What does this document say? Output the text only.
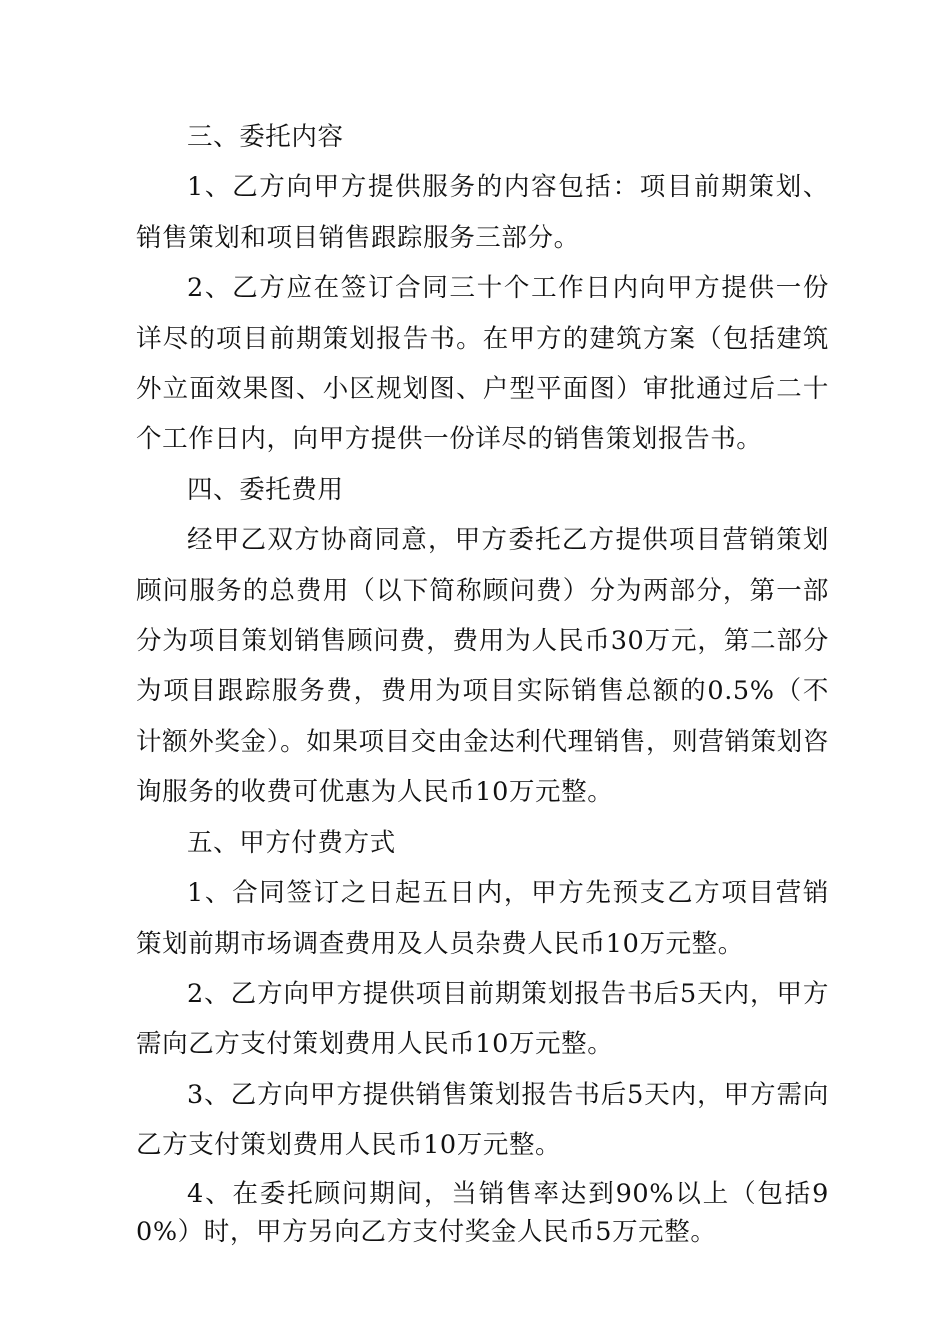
三、委托内容

1、乙方向甲方提供服务的内容包括：项目前期策划、销售策划和项目销售跟踪服务三部分。

2、乙方应在签订合同三十个工作日内向甲方提供一份详尽的项目前期策划报告书。在甲方的建筑方案（包括建筑外立面效果图、小区规划图、户型平面图）审批通过后二十个工作日内，向甲方提供一份详尽的销售策划报告书。

四、委托费用

经甲乙双方协商同意，甲方委托乙方提供项目营销策划顾问服务的总费用（以下简称顾问费）分为两部分，第一部分为项目策划销售顾问费，费用为人民币30万元，第二部分为项目跟踪服务费，费用为项目实际销售总额的0.5%（不计额外奖金）。如果项目交由金达利代理销售，则营销策划咨询服务的收费可优惠为人民币10万元整。

五、甲方付费方式

1、合同签订之日起五日内，甲方先预支乙方项目营销策划前期市场调查费用及人员杂费人民币10万元整。

2、乙方向甲方提供项目前期策划报告书后5天内，甲方需向乙方支付策划费用人民币10万元整。

3、乙方向甲方提供销售策划报告书后5天内，甲方需向乙方支付策划费用人民币10万元整。

4、在委托顾问期间，当销售率达到90%以上（包括90%）时，甲方另向乙方支付奖金人民币5万元整。
